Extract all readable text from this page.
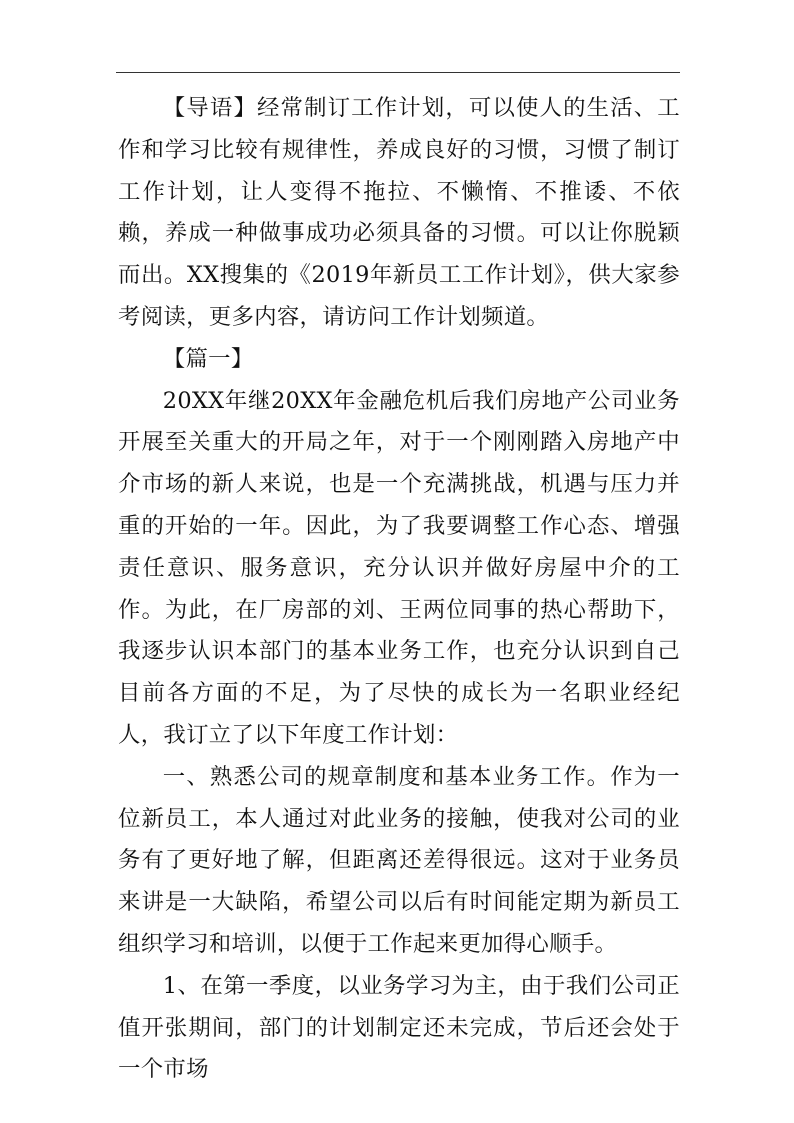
【导语】经常制订工作计划，可以使人的生活、工作和学习比较有规律性，养成良好的习惯，习惯了制订工作计划，让人变得不拖拉、不懒惰、不推诿、不依赖，养成一种做事成功必须具备的习惯。可以让你脱颖而出。XX搜集的《2019年新员工工作计划》，供大家参考阅读，更多内容，请访问工作计划频道。

【篇一】

20XX年继20XX年金融危机后我们房地产公司业务开展至关重大的开局之年，对于一个刚刚踏入房地产中介市场的新人来说，也是一个充满挑战，机遇与压力并重的开始的一年。因此，为了我要调整工作心态、增强责任意识、服务意识，充分认识并做好房屋中介的工作。为此，在厂房部的刘、王两位同事的热心帮助下，我逐步认识本部门的基本业务工作，也充分认识到自己目前各方面的不足，为了尽快的成长为一名职业经纪人，我订立了以下年度工作计划：

一、熟悉公司的规章制度和基本业务工作。作为一位新员工，本人通过对此业务的接触，使我对公司的业务有了更好地了解，但距离还差得很远。这对于业务员来讲是一大缺陷，希望公司以后有时间能定期为新员工组织学习和培训，以便于工作起来更加得心顺手。

1、在第一季度，以业务学习为主，由于我们公司正值开张期间，部门的计划制定还未完成，节后还会处于一个市场
